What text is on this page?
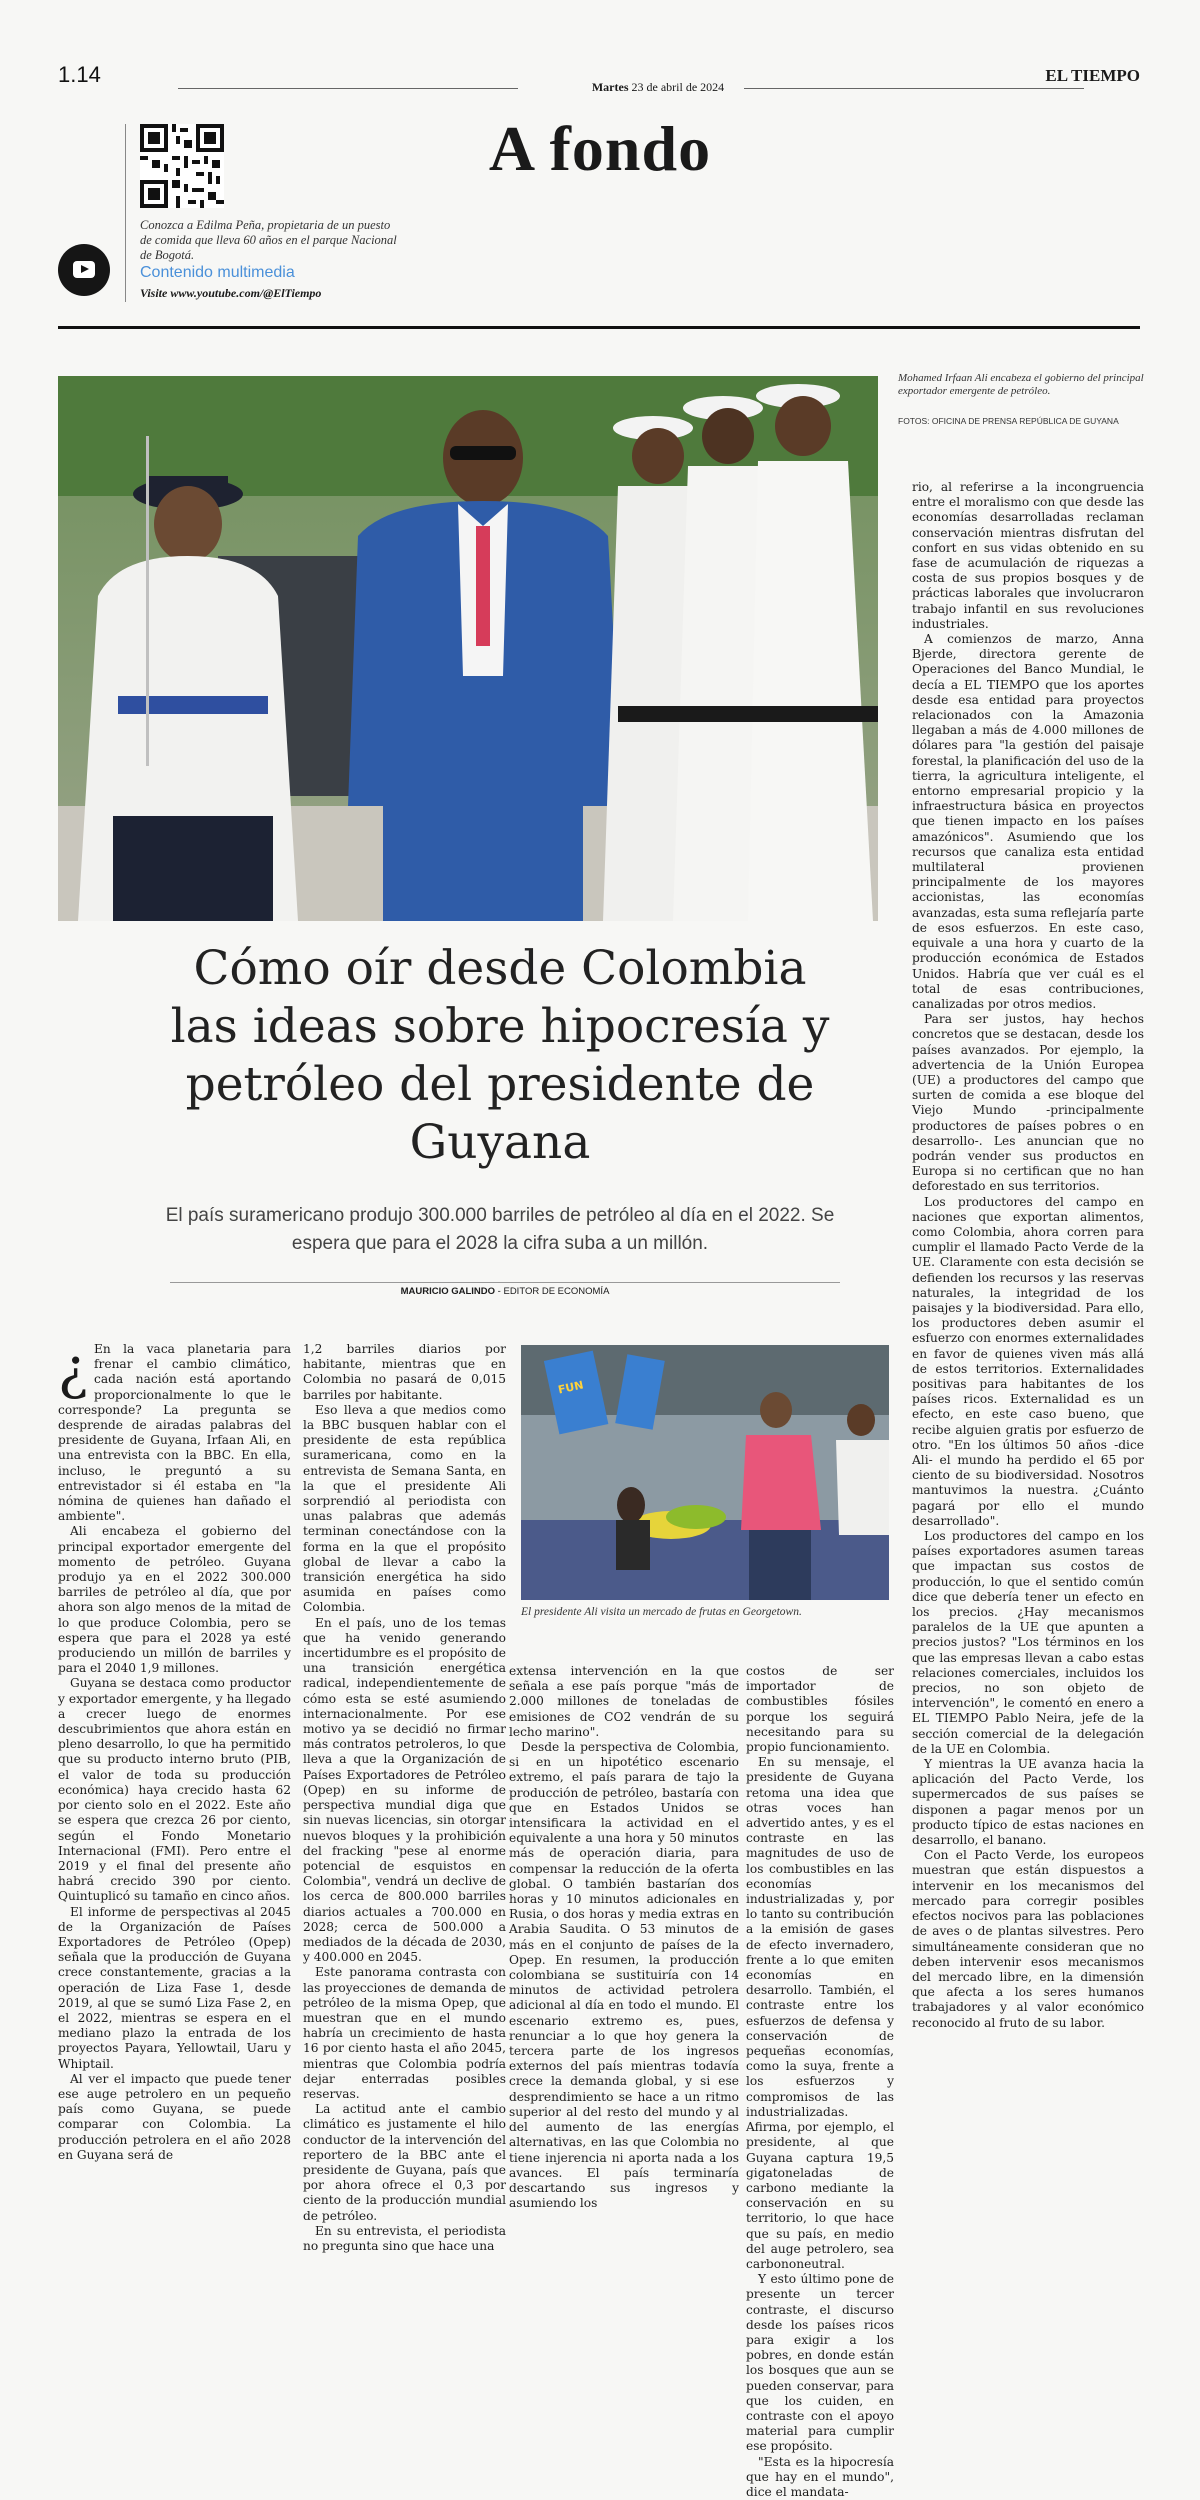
1.14	Martes 23 de abril de 2024
EL TIEMPO
Conozca a Edilma Peña, propietaria de un puesto de comida que lleva 60 años en el parque Nacional de Bogotá.
Contenido multimedia
Visite www.youtube.com/@ElTiempo
A fondo
Mohamed Irfaan Ali encabeza el gobierno del principal exportador emergente de petróleo.
FOTOS: OFICINA DE PRENSA REPÚBLICA DE GUYANA
Cómo oír desde Colombia las ideas sobre hipocresía y petróleo del presidente de Guyana
El país suramericano produjo 300.000 barriles de petróleo al día en el 2022. Se espera que para el 2028 la cifra suba a un millón.
MAURICIO GALINDO - EDITOR DE ECONOMÍA
¿ En la vaca planetaria para frenar el cambio climático, cada nación está aportando proporcionalmente lo que le corresponde? La pregunta se desprende de airadas palabras del presidente de Guyana, Irfaan Ali, en una entrevista con la BBC. En ella, incluso, le preguntó a su entrevistador si él estaba en "la nómina de quienes han dañado el ambiente".

Ali encabeza el gobierno del principal exportador emergente del momento de petróleo. Guyana produjo ya en el 2022 300.000 barriles de petróleo al día, que por ahora son algo menos de la mitad de lo que produce Colombia, pero se espera que para el 2028 ya esté produciendo un millón de barriles y para el 2040 1,9 millones.

Guyana se destaca como productor y exportador emergente, y ha llegado a crecer luego de enormes descubrimientos que ahora están en pleno desarrollo, lo que ha permitido que su producto interno bruto (PIB, el valor de toda su producción económica) haya crecido hasta 62 por ciento solo en el 2022. Este año se espera que crezca 26 por ciento, según el Fondo Monetario Internacional (FMI). Pero entre el 2019 y el final del presente año habrá crecido 390 por ciento. Quintuplicó su tamaño en cinco años.

El informe de perspectivas al 2045 de la Organización de Países Exportadores de Petróleo (Opep) señala que la producción de Guyana crece constantemente, gracias a la operación de Liza Fase 1, desde 2019, al que se sumó Liza Fase 2, en el 2022, mientras se espera en el mediano plazo la entrada de los proyectos Payara, Yellowtail, Uaru y Whiptail.

Al ver el impacto que puede tener ese auge petrolero en un pequeño país como Guyana, se puede comparar con Colombia. La producción petrolera en el año 2028 en Guyana será de

1,2 barriles diarios por habitante, mientras que en Colombia no pasará de 0,015 barriles por habitante.

Eso lleva a que medios como la BBC busquen hablar con el presidente de esta república suramericana, como en la entrevista de Semana Santa, en la que el presidente Ali sorprendió al periodista con unas palabras que además terminan conectándose con la forma en la que el propósito global de llevar a cabo la transición energética ha sido asumida en países como Colombia.

En el país, uno de los temas que ha venido generando incertidumbre es el propósito de una transición energética radical, independientemente de cómo esta se esté asumiendo internacionalmente. Por ese motivo ya se decidió no firmar más contratos petroleros, lo que lleva a que la Organización de Países Exportadores de Petróleo (Opep) en su informe de perspectiva mundial diga que sin nuevas licencias, sin otorgar nuevos bloques y la prohibición del fracking "pese al enorme potencial de esquistos en Colombia", vendrá un declive de los cerca de 800.000 barriles diarios actuales a 700.000 en 2028; cerca de 500.000 a mediados de la década de 2030, y 400.000 en 2045.

Este panorama contrasta con las proyecciones de demanda de petróleo de la misma Opep, que muestran que en el mundo habría un crecimiento de hasta 16 por ciento hasta el año 2045, mientras que Colombia podría dejar enterradas posibles reservas.

La actitud ante el cambio climático es justamente el hilo conductor de la intervención del reportero de la BBC ante el presidente de Guyana, país que por ahora ofrece el 0,3 por ciento de la producción mundial de petróleo.

En su entrevista, el periodista no pregunta sino que hace una

FUN
El presidente Ali visita un mercado de frutas en Georgetown.

extensa intervención en la que señala a ese país porque "más de 2.000 millones de toneladas de emisiones de CO2 vendrán de su lecho marino".

Desde la perspectiva de Colombia, si en un hipotético escenario extremo, el país parara de tajo la producción de petróleo, bastaría con que en Estados Unidos se intensificara la actividad en el equivalente a una hora y 50 minutos más de operación diaria, para compensar la reducción de la oferta global. O también bastarían dos horas y 10 minutos adicionales en Rusia, o dos horas y media extras en Arabia Saudita. O 53 minutos de más en el conjunto de países de la Opep. En resumen, la producción colombiana se sustituiría con 14 minutos de actividad petrolera adicional al día en todo el mundo. El escenario extremo es, pues, renunciar a lo que hoy genera la tercera parte de los ingresos externos del país mientras todavía crece la demanda global, y si ese desprendimiento se hace a un ritmo superior al del resto del mundo y al del aumento de las energías alternativas, en las que Colombia no tiene injerencia ni aporta nada a los avances. El país terminaría descartando sus ingresos y asumiendo los

costos de ser importador de combustibles fósiles porque los seguirá necesitando para su propio funcionamiento.

En su mensaje, el presidente de Guyana retoma una idea que otras voces han advertido antes, y es el contraste en las magnitudes de uso de los combustibles en las economías industrializadas y, por lo tanto su contribución a la emisión de gases de efecto invernadero, frente a lo que emiten economías en desarrollo. También, el contraste entre los esfuerzos de defensa y conservación de pequeñas economías, como la suya, frente a los esfuerzos y compromisos de las industrializadas. Afirma, por ejemplo, el presidente, al que Guyana captura 19,5 gigatoneladas de carbono mediante la conservación en su territorio, lo que hace que su país, en medio del auge petrolero, sea carbononeutral.

Y esto último pone de presente un tercer contraste, el discurso desde los países ricos para exigir a los pobres, en donde están los bosques que aun se pueden conservar, para que los cuiden, en contraste con el apoyo material para cumplir ese propósito.

"Esta es la hipocresía que hay en el mundo", dice el mandata-

rio, al referirse a la incongruencia entre el moralismo con que desde las economías desarrolladas reclaman conservación mientras disfrutan del confort en sus vidas obtenido en su fase de acumulación de riquezas a costa de sus propios bosques y de prácticas laborales que involucraron trabajo infantil en sus revoluciones industriales.

A comienzos de marzo, Anna Bjerde, directora gerente de Operaciones del Banco Mundial, le decía a EL TIEMPO que los aportes desde esa entidad para proyectos relacionados con la Amazonia llegaban a más de 4.000 millones de dólares para "la gestión del paisaje forestal, la planificación del uso de la tierra, la agricultura inteligente, el entorno empresarial propicio y la infraestructura básica en proyectos que tienen impacto en los países amazónicos". Asumiendo que los recursos que canaliza esta entidad multilateral provienen principalmente de los mayores accionistas, las economías avanzadas, esta suma reflejaría parte de esos esfuerzos. En este caso, equivale a una hora y cuarto de la producción económica de Estados Unidos. Habría que ver cuál es el total de esas contribuciones, canalizadas por otros medios.

Para ser justos, hay hechos concretos que se destacan, desde los países avanzados. Por ejemplo, la advertencia de la Unión Europea (UE) a productores del campo que surten de comida a ese bloque del Viejo Mundo -principalmente productores de países pobres o en desarrollo-. Les anuncian que no podrán vender sus productos en Europa si no certifican que no han deforestado en sus territorios.

Los productores del campo en naciones que exportan alimentos, como Colombia, ahora corren para cumplir el llamado Pacto Verde de la UE. Claramente con esta decisión se defienden los recursos y las reservas naturales, la integridad de los paisajes y la biodiversidad. Para ello, los productores deben asumir el esfuerzo con enormes externalidades en favor de quienes viven más allá de estos territorios. Externalidades positivas para habitantes de los países ricos. Externalidad es un efecto, en este caso bueno, que recibe alguien gratis por esfuerzo de otro. "En los últimos 50 años -dice Ali- el mundo ha perdido el 65 por ciento de su biodiversidad. Nosotros mantuvimos la nuestra. ¿Cuánto pagará por ello el mundo desarrollado".

Los productores del campo en los países exportadores asumen tareas que impactan sus costos de producción, lo que el sentido común dice que debería tener un efecto en los precios. ¿Hay mecanismos paralelos de la UE que apunten a precios justos? "Los términos en los que las empresas llevan a cabo estas relaciones comerciales, incluidos los precios, no son objeto de intervención", le comentó en enero a EL TIEMPO Pablo Neira, jefe de la sección comercial de la delegación de la UE en Colombia.

Y mientras la UE avanza hacia la aplicación del Pacto Verde, los supermercados de sus países se disponen a pagar menos por un producto típico de estas naciones en desarrollo, el banano.

Con el Pacto Verde, los europeos muestran que están dispuestos a intervenir en los mecanismos del mercado para corregir posibles efectos nocivos para las poblaciones de aves o de plantas silvestres. Pero simultáneamente consideran que no deben intervenir esos mecanismos del mercado libre, en la dimensión que afecta a los seres humanos trabajadores y al valor económico reconocido al fruto de su labor.
